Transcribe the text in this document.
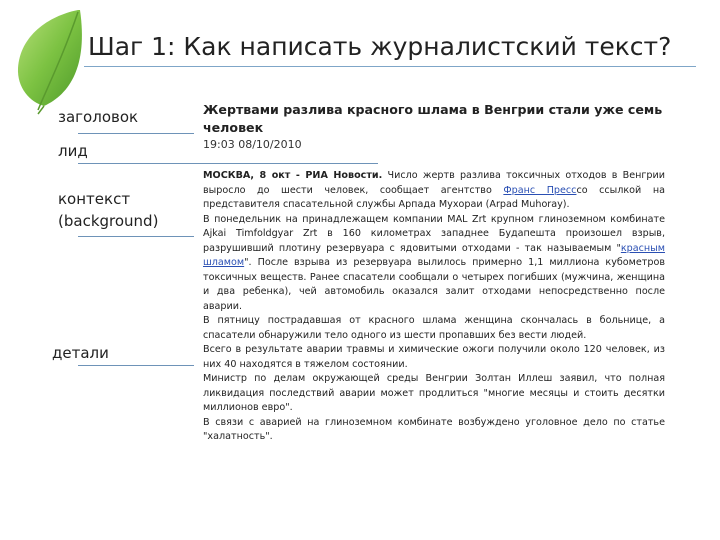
Шаг 1: Как написать журналистский текст?
заголовок
лид
контекст
(background)
детали
Жертвами разлива красного шлама в Венгрии стали уже семь человек
19:03 08/10/2010

МОСКВА, 8 окт - РИА Новости. Число жертв разлива токсичных отходов в Венгрии выросло до шести человек, сообщает агентство Франс Пресссо ссылкой на представителя спасательной службы Арпада Мухораи (Arpad Muhoray).

В понедельник на принадлежащем компании MAL Zrt крупном глиноземном комбинате Ajkai Timfoldgyar Zrt в 160 километрах западнее Будапешта произошел взрыв, разрушивший плотину резервуара с ядовитыми отходами - так называемым "красным шламом". После взрыва из резервуара вылилось примерно 1,1 миллиона кубометров токсичных веществ. Ранее спасатели сообщали о четырех погибших (мужчина, женщина и два ребенка), чей автомобиль оказался залит отходами непосредственно после аварии.

В пятницу пострадавшая от красного шлама женщина скончалась в больнице, а спасатели обнаружили тело одного из шести пропавших без вести людей.

Всего в результате аварии травмы и химические ожоги получили около 120 человек, из них 40 находятся в тяжелом состоянии.

Министр по делам окружающей среды Венгрии Золтан Иллеш заявил, что полная ликвидация последствий аварии может продлиться "многие месяцы и стоить десятки миллионов евро".

В связи с аварией на глиноземном комбинате возбуждено уголовное дело по статье "халатность".
